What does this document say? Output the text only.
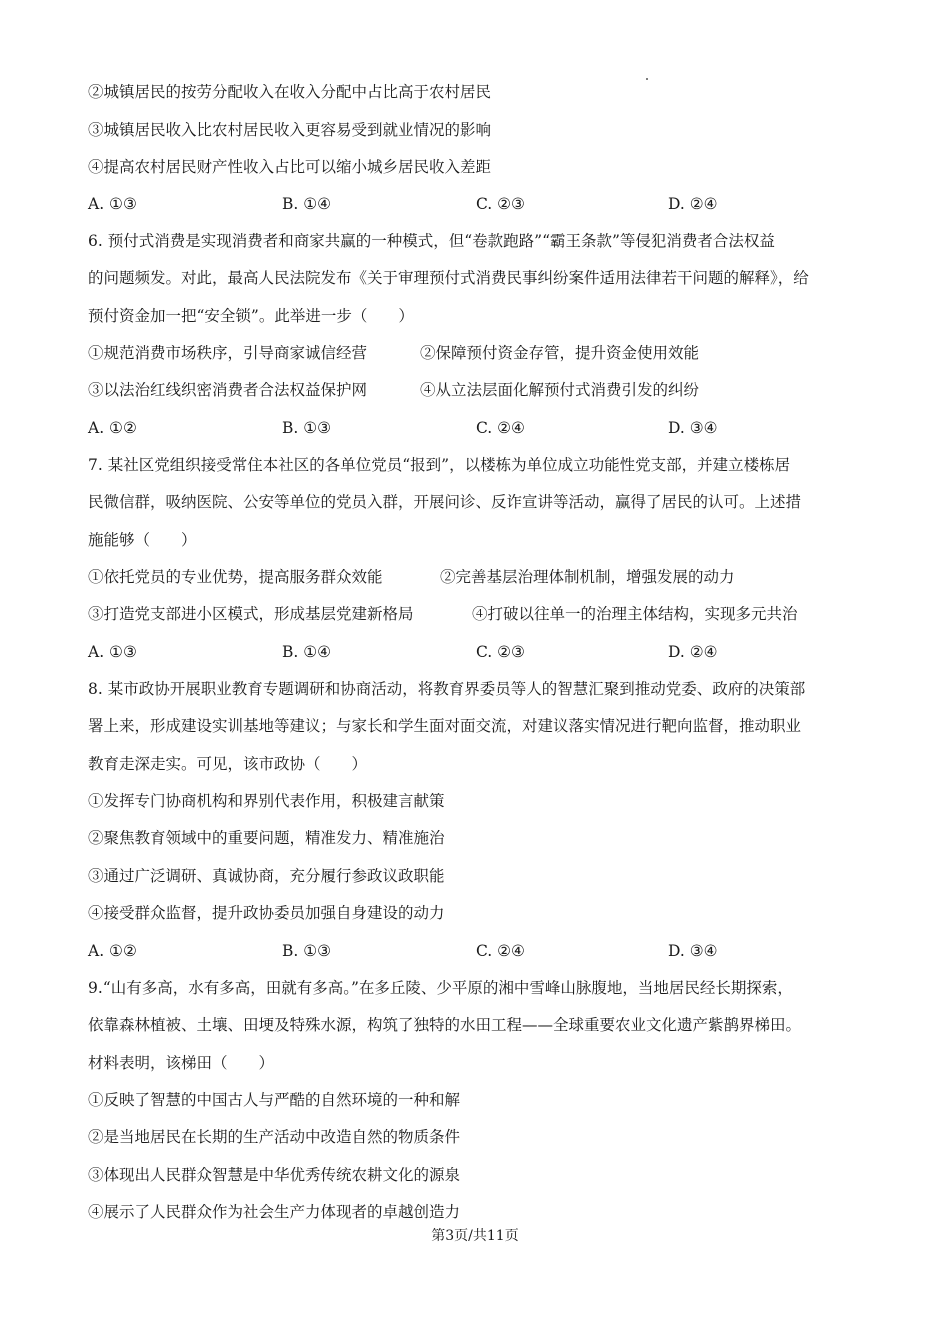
②城镇居民的按劳分配收入在收入分配中占比高于农村居民
③城镇居民收入比农村居民收入更容易受到就业情况的影响
④提高农村居民财产性收入占比可以缩小城乡居民收入差距
A. ①③	B. ①④	C. ②③	D. ②④
6. 预付式消费是实现消费者和商家共赢的一种模式，但“卷款跑路”“霸王条款”等侵犯消费者合法权益
的问题频发。对此，最高人民法院发布《关于审理预付式消费民事纠纷案件适用法律若干问题的解释》，给
预付资金加一把“安全锁”。此举进一步（　　）
①规范消费市场秩序，引导商家诚信经营	②保障预付资金存管，提升资金使用效能
③以法治红线织密消费者合法权益保护网	④从立法层面化解预付式消费引发的纠纷
A. ①②	B. ①③	C. ②④	D. ③④
7. 某社区党组织接受常住本社区的各单位党员“报到”，以楼栋为单位成立功能性党支部，并建立楼栋居
民微信群，吸纳医院、公安等单位的党员入群，开展问诊、反诈宣讲等活动，赢得了居民的认可。上述措
施能够（　　）
①依托党员的专业优势，提高服务群众效能	②完善基层治理体制机制，增强发展的动力
③打造党支部进小区模式，形成基层党建新格局	④打破以往单一的治理主体结构，实现多元共治
A. ①③	B. ①④	C. ②③	D. ②④
8. 某市政协开展职业教育专题调研和协商活动，将教育界委员等人的智慧汇聚到推动党委、政府的决策部
署上来，形成建设实训基地等建议；与家长和学生面对面交流，对建议落实情况进行靶向监督，推动职业
教育走深走实。可见，该市政协（　　）
①发挥专门协商机构和界别代表作用，积极建言献策
②聚焦教育领域中的重要问题，精准发力、精准施治
③通过广泛调研、真诚协商，充分履行参政议政职能
④接受群众监督，提升政协委员加强自身建设的动力
A. ①②	B. ①③	C. ②④	D. ③④
9.“山有多高，水有多高，田就有多高。”在多丘陵、少平原的湘中雪峰山脉腹地，当地居民经长期探索，
依靠森林植被、土壤、田埂及特殊水源，构筑了独特的水田工程——全球重要农业文化遗产紫鹊界梯田。
材料表明，该梯田（　　）
①反映了智慧的中国古人与严酷的自然环境的一种和解
②是当地居民在长期的生产活动中改造自然的物质条件
③体现出人民群众智慧是中华优秀传统农耕文化的源泉
④展示了人民群众作为社会生产力体现者的卓越创造力
第3页/共11页
